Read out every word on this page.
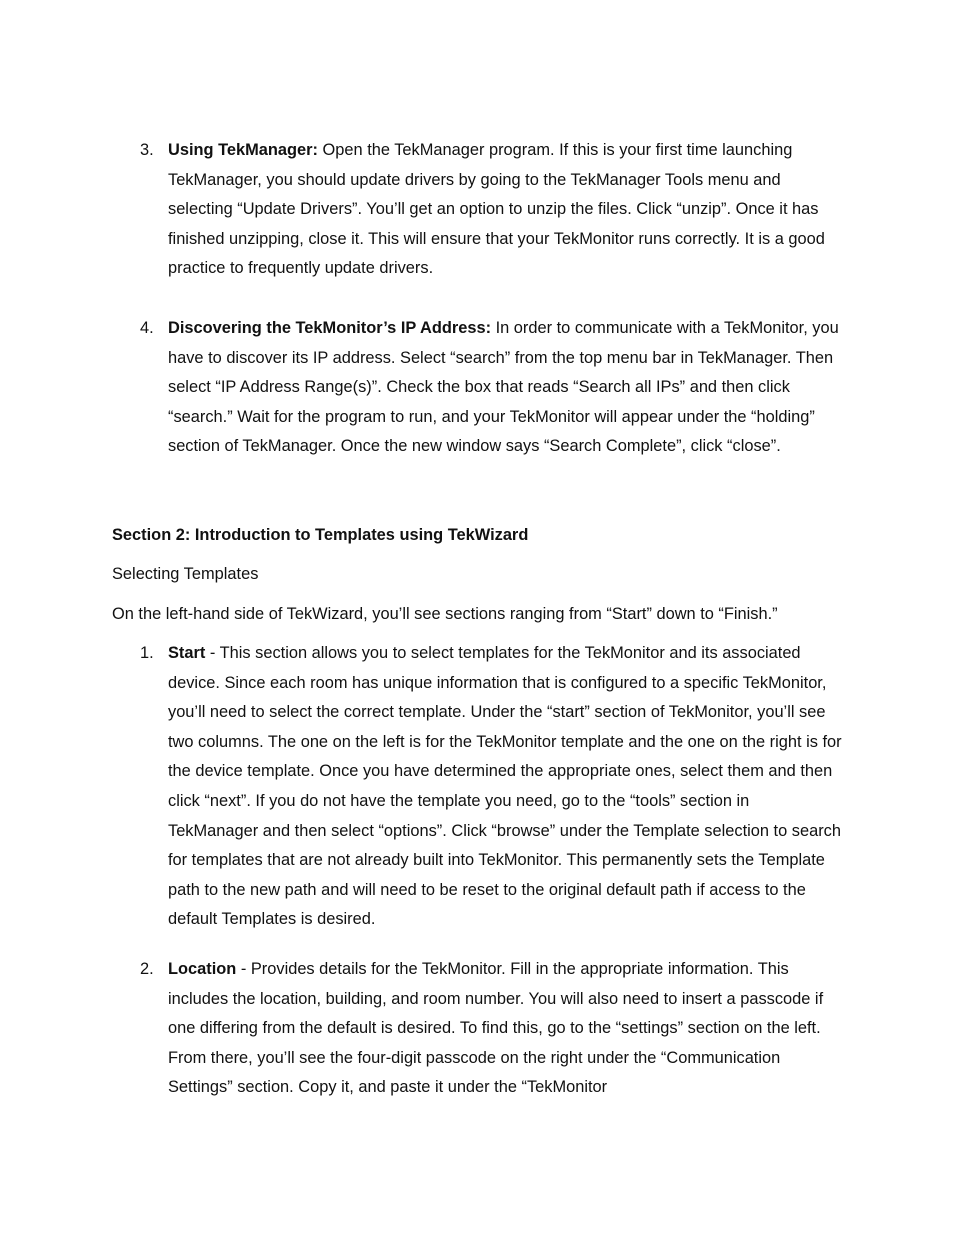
3. Using TekManager: Open the TekManager program. If this is your first time launching TekManager, you should update drivers by going to the TekManager Tools menu and selecting “Update Drivers”. You’ll get an option to unzip the files. Click “unzip”. Once it has finished unzipping, close it. This will ensure that your TekMonitor runs correctly. It is a good practice to frequently update drivers.
4. Discovering the TekMonitor’s IP Address: In order to communicate with a TekMonitor, you have to discover its IP address. Select “search” from the top menu bar in TekManager. Then select “IP Address Range(s)”. Check the box that reads “Search all IPs” and then click “search.” Wait for the program to run, and your TekMonitor will appear under the “holding” section of TekManager. Once the new window says “Search Complete”, click “close”.
Section 2: Introduction to Templates using TekWizard
Selecting Templates
On the left-hand side of TekWizard, you’ll see sections ranging from “Start” down to “Finish.”
1. Start - This section allows you to select templates for the TekMonitor and its associated device. Since each room has unique information that is configured to a specific TekMonitor, you’ll need to select the correct template. Under the “start” section of TekMonitor, you’ll see two columns. The one on the left is for the TekMonitor template and the one on the right is for the device template. Once you have determined the appropriate ones, select them and then click “next”. If you do not have the template you need, go to the “tools” section in TekManager and then select “options”. Click “browse” under the Template selection to search for templates that are not already built into TekMonitor. This permanently sets the Template path to the new path and will need to be reset to the original default path if access to the default Templates is desired.
2. Location - Provides details for the TekMonitor. Fill in the appropriate information. This includes the location, building, and room number. You will also need to insert a passcode if one differing from the default is desired. To find this, go to the “settings” section on the left. From there, you’ll see the four-digit passcode on the right under the “Communication Settings” section. Copy it, and paste it under the “TekMonitor
